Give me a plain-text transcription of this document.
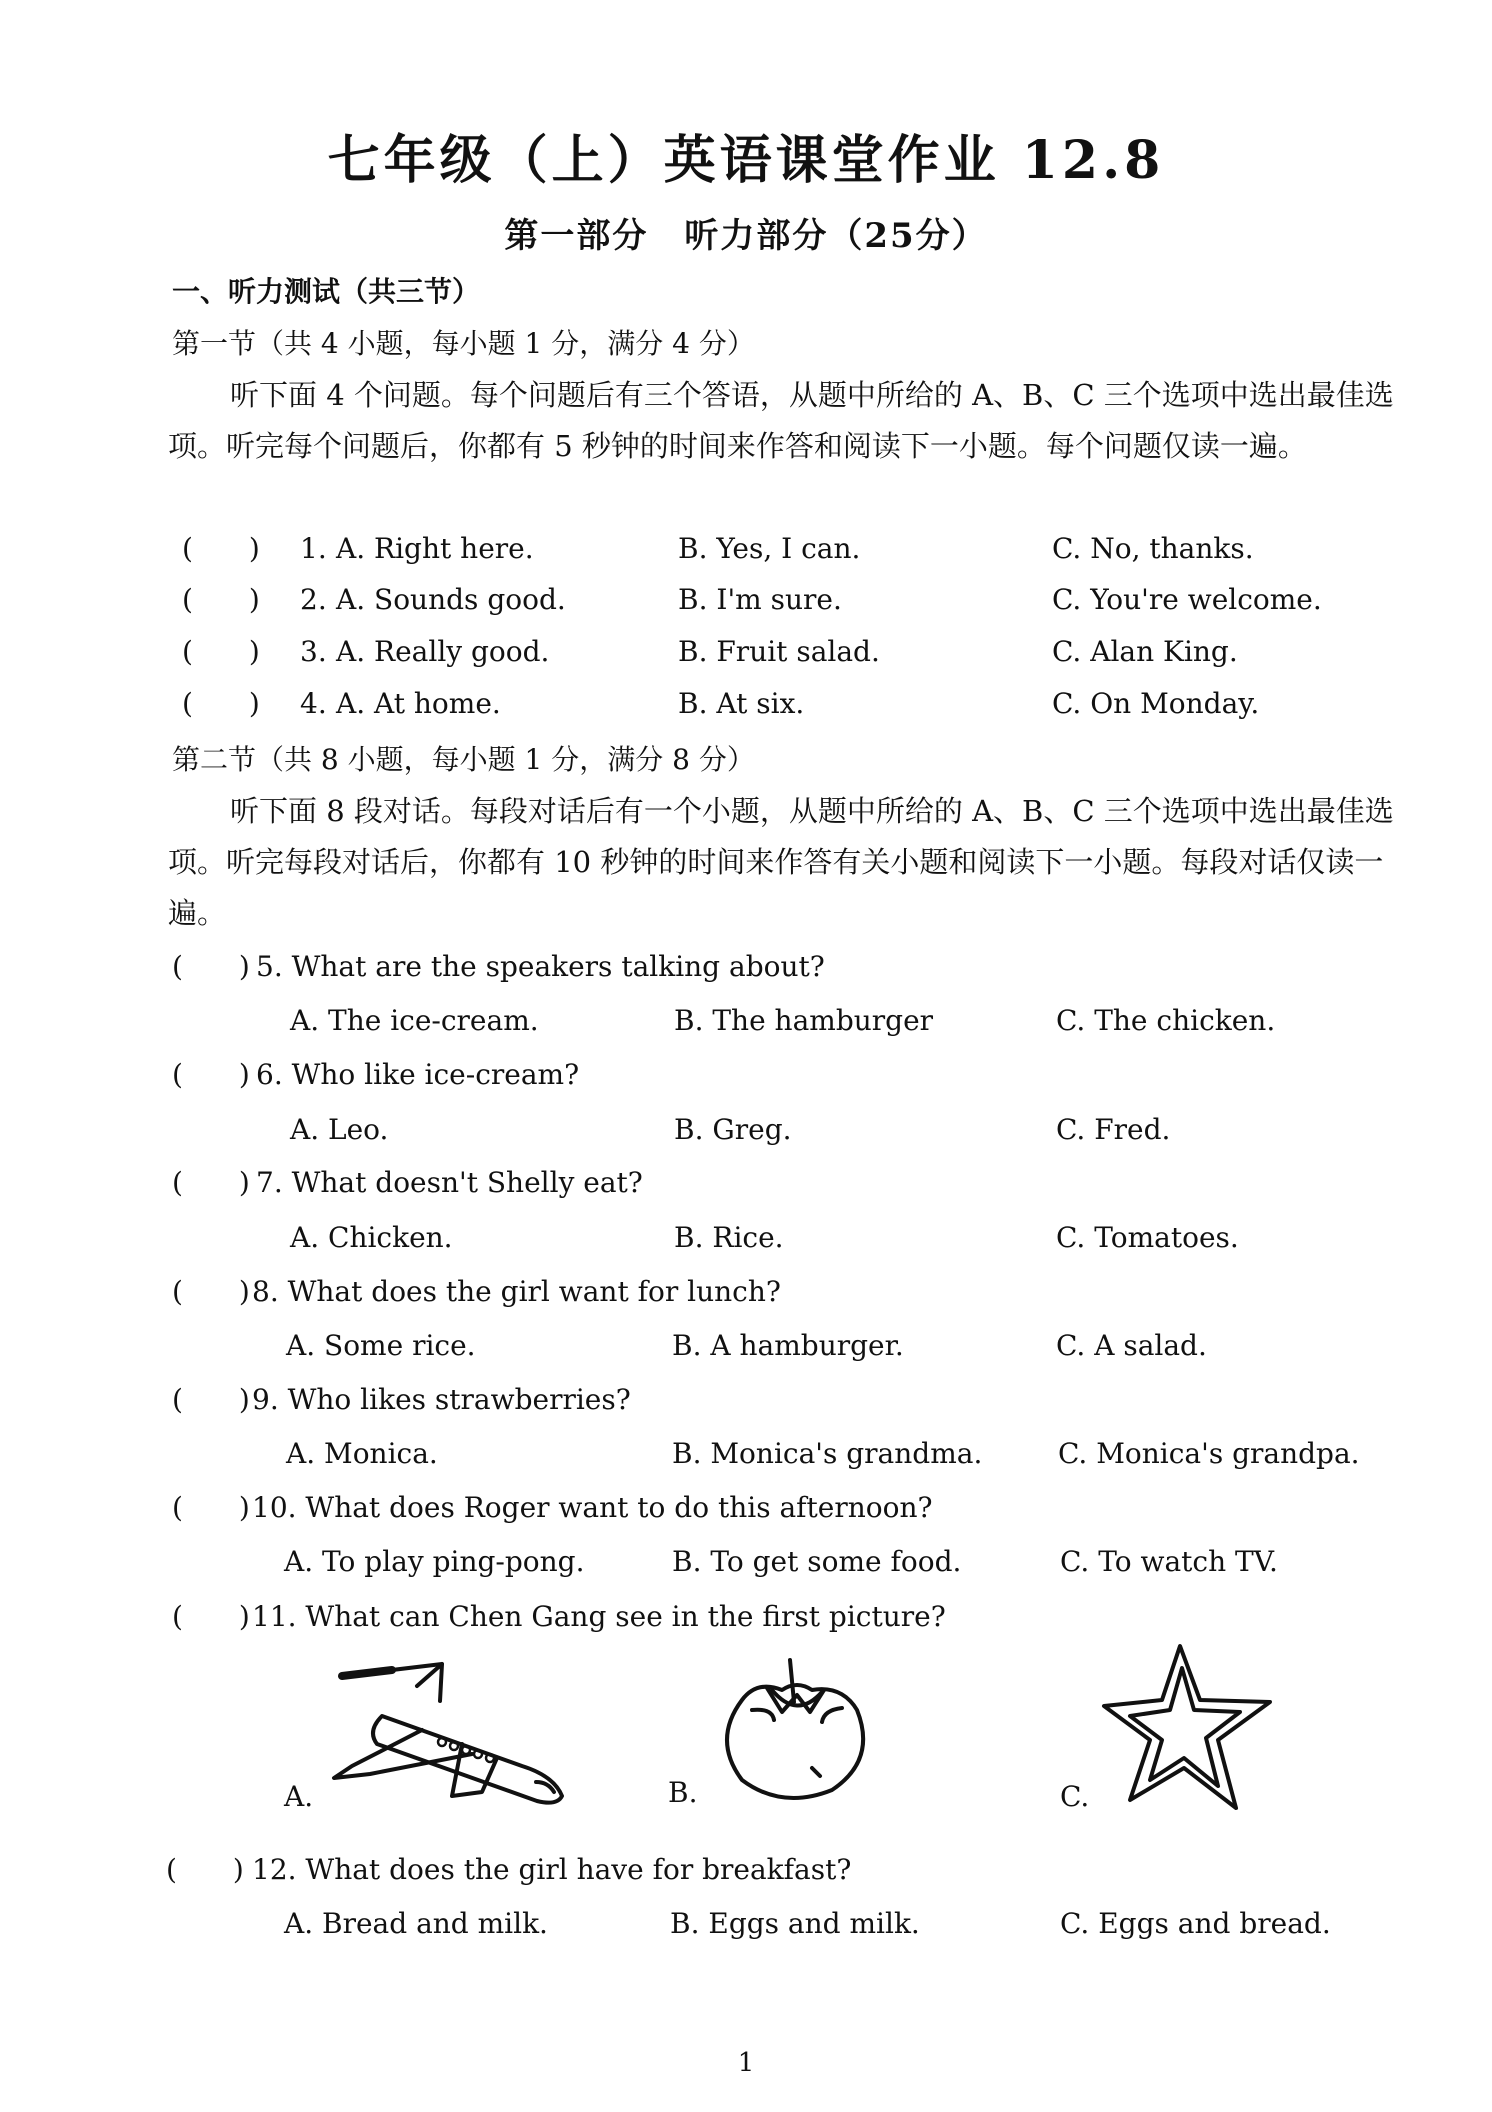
七年级（上）英语课堂作业 12.8
第一部分　听力部分（25分）
一、听力测试（共三节）
第一节（共 4 小题，每小题 1 分，满分 4 分）
听下面 4 个问题。每个问题后有三个答语，从题中所给的 A、B、C 三个选项中选出最佳选项。听完每个问题后，你都有 5 秒钟的时间来作答和阅读下一小题。每个问题仅读一遍。
(　　) 1. A. Right here.	B. Yes, I can.	C. No, thanks.
(　　) 2. A. Sounds good.	B. I'm sure.	C. You're welcome.
(　　) 3. A. Really good.	B. Fruit salad.	C. Alan King.
(　　) 4. A. At home.	B. At six.	C. On Monday.
第二节（共 8 小题，每小题 1 分，满分 8 分）
听下面 8 段对话。每段对话后有一个小题，从题中所给的 A、B、C 三个选项中选出最佳选项。听完每段对话后，你都有 10 秒钟的时间来作答有关小题和阅读下一小题。每段对话仅读一遍。
(　　) 5. What are the speakers talking about?
A. The ice-cream.	B. The hamburger	C. The chicken.
(　　) 6. Who like ice-cream?
A. Leo.	B. Greg.	C. Fred.
(　　) 7. What doesn't Shelly eat?
A. Chicken.	B. Rice.	C. Tomatoes.
(　　) 8. What does the girl want for lunch?
A. Some rice.	B. A hamburger.	C. A salad.
(　　) 9. Who likes strawberries?
A. Monica.	B. Monica's grandma.	C. Monica's grandpa.
(　　) 10. What does Roger want to do this afternoon?
A. To play ping-pong.	B. To get some food.	C. To watch TV.
(　　) 11. What can Chen Gang see in the first picture?
A.	B.	C.
(　　) 12. What does the girl have for breakfast?
A. Bread and milk.	B. Eggs and milk.	C. Eggs and bread.
1
